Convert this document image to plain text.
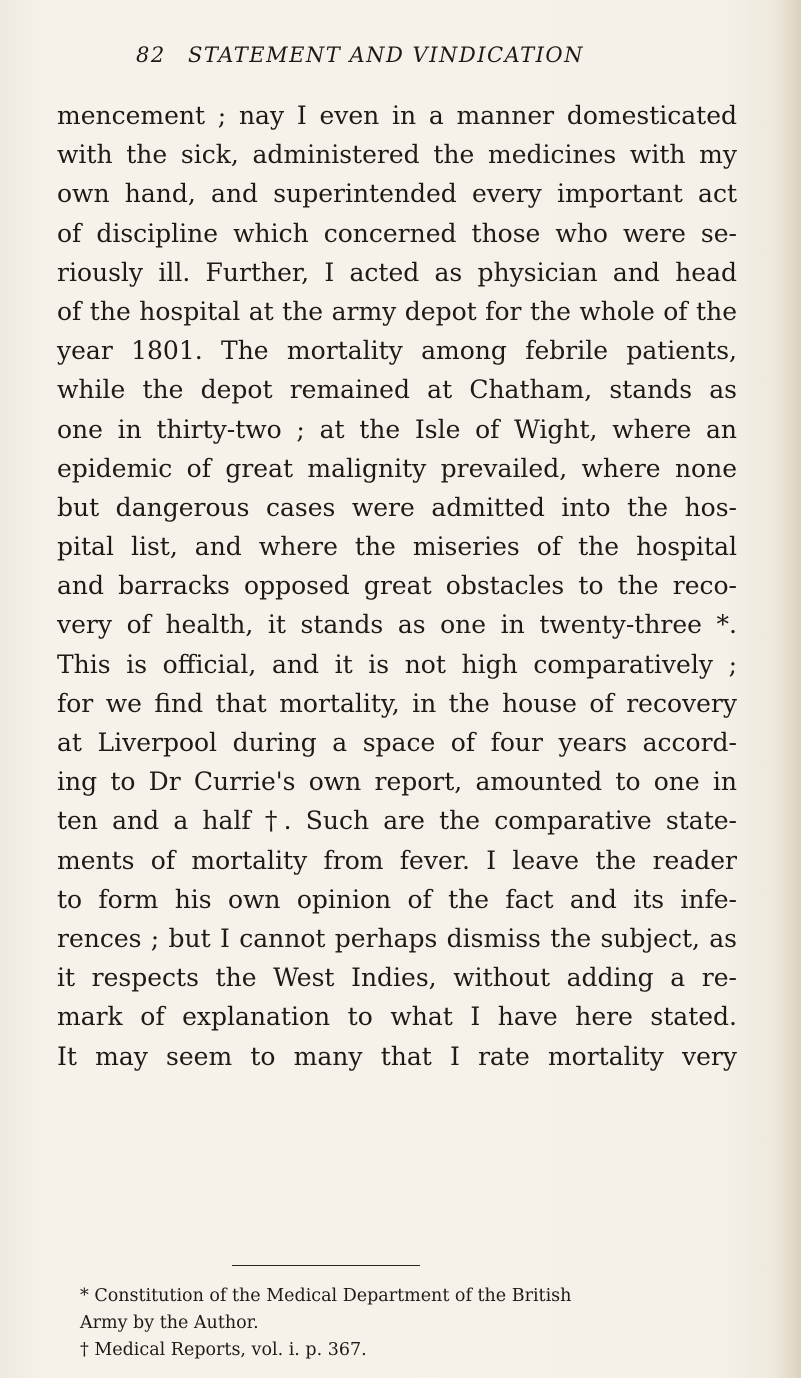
82 STATEMENT AND VINDICATION
mencement ; nay I even in a manner domesticated
with the sick, administered the medicines with my
own hand, and superintended every important act
of discipline which concerned those who were se-
riously ill. Further, I acted as physician and head
of the hospital at the army depot for the whole of the
year 1801. The mortality among febrile patients,
while the depot remained at Chatham, stands as
one in thirty-two ; at the Isle of Wight, where an
epidemic of great malignity prevailed, where none
but dangerous cases were admitted into the hos-
pital list, and where the miseries of the hospital
and barracks opposed great obstacles to the reco-
very of health, it stands as one in twenty-three *.
This is official, and it is not high comparatively ;
for we find that mortality, in the house of recovery
at Liverpool during a space of four years accord-
ing to Dr Currie's own report, amounted to one in
ten and a half †. Such are the comparative state-
ments of mortality from fever. I leave the reader
to form his own opinion of the fact and its infe-
rences ; but I cannot perhaps dismiss the subject, as
it respects the West Indies, without adding a re-
mark of explanation to what I have here stated.
It may seem to many that I rate mortality very
* Constitution of the Medical Department of the British
Army by the Author.
† Medical Reports, vol. i. p. 367.
